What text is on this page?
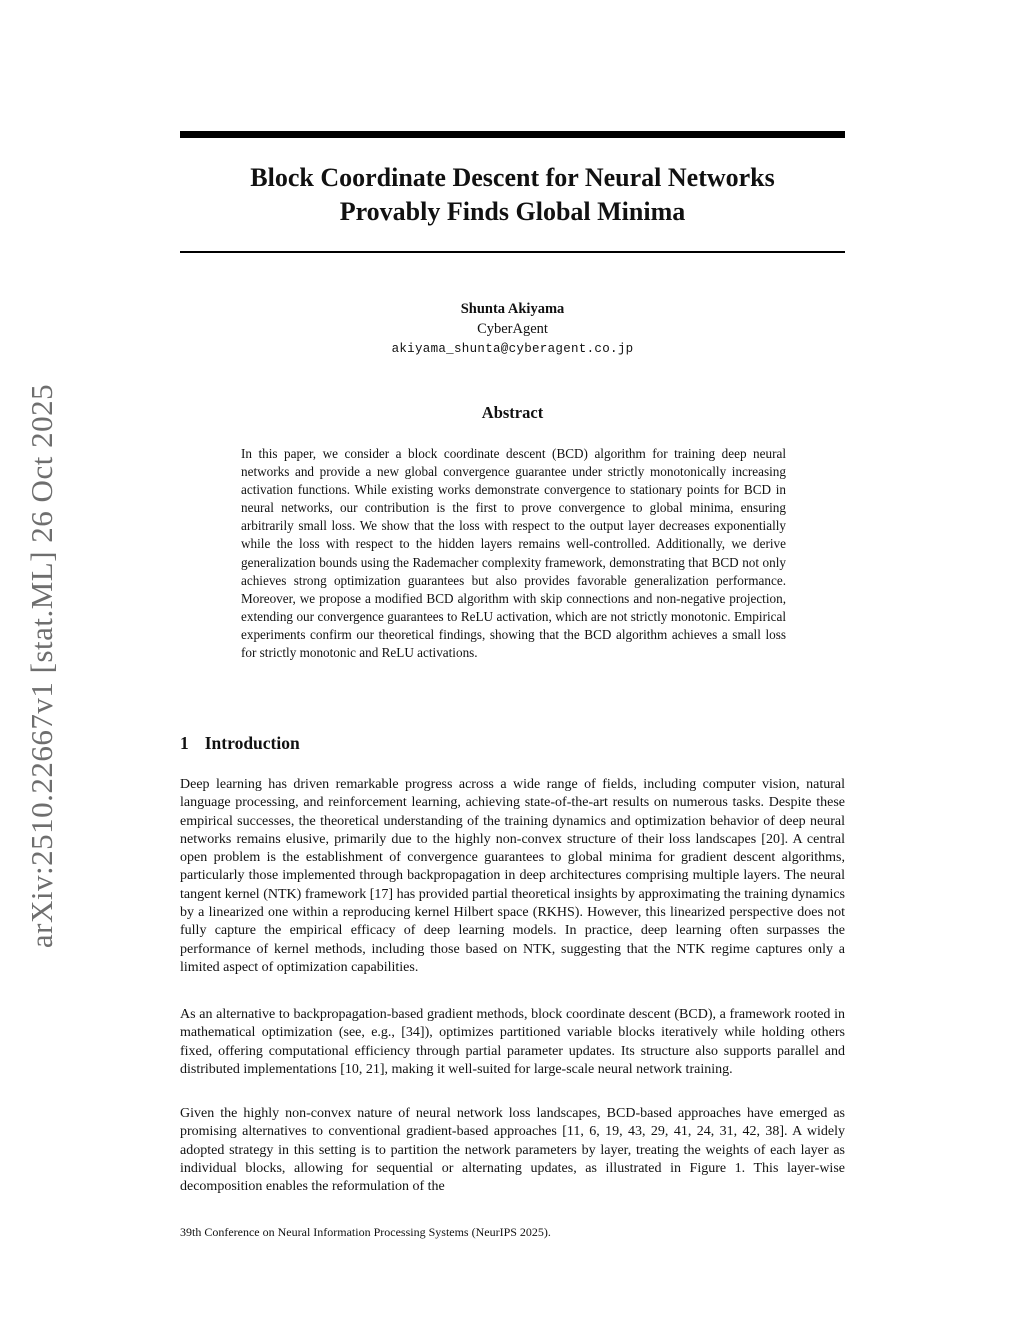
arXiv:2510.22667v1 [stat.ML] 26 Oct 2025
Block Coordinate Descent for Neural Networks
Provably Finds Global Minima
Shunta Akiyama
CyberAgent
akiyama_shunta@cyberagent.co.jp
Abstract
In this paper, we consider a block coordinate descent (BCD) algorithm for training deep neural networks and provide a new global convergence guarantee under strictly monotonically increasing activation functions. While existing works demonstrate convergence to stationary points for BCD in neural networks, our contribution is the first to prove convergence to global minima, ensuring arbitrarily small loss. We show that the loss with respect to the output layer decreases exponentially while the loss with respect to the hidden layers remains well-controlled. Additionally, we derive generalization bounds using the Rademacher complexity framework, demonstrating that BCD not only achieves strong optimization guarantees but also provides favorable generalization performance. Moreover, we propose a modified BCD algorithm with skip connections and non-negative projection, extending our convergence guarantees to ReLU activation, which are not strictly monotonic. Empirical experiments confirm our theoretical findings, showing that the BCD algorithm achieves a small loss for strictly monotonic and ReLU activations.
1 Introduction
Deep learning has driven remarkable progress across a wide range of fields, including computer vision, natural language processing, and reinforcement learning, achieving state-of-the-art results on numerous tasks. Despite these empirical successes, the theoretical understanding of the training dynamics and optimization behavior of deep neural networks remains elusive, primarily due to the highly non-convex structure of their loss landscapes [20]. A central open problem is the establishment of convergence guarantees to global minima for gradient descent algorithms, particularly those implemented through backpropagation in deep architectures comprising multiple layers. The neural tangent kernel (NTK) framework [17] has provided partial theoretical insights by approximating the training dynamics by a linearized one within a reproducing kernel Hilbert space (RKHS). However, this linearized perspective does not fully capture the empirical efficacy of deep learning models. In practice, deep learning often surpasses the performance of kernel methods, including those based on NTK, suggesting that the NTK regime captures only a limited aspect of optimization capabilities.
As an alternative to backpropagation-based gradient methods, block coordinate descent (BCD), a framework rooted in mathematical optimization (see, e.g., [34]), optimizes partitioned variable blocks iteratively while holding others fixed, offering computational efficiency through partial parameter updates. Its structure also supports parallel and distributed implementations [10, 21], making it well-suited for large-scale neural network training.
Given the highly non-convex nature of neural network loss landscapes, BCD-based approaches have emerged as promising alternatives to conventional gradient-based approaches [11, 6, 19, 43, 29, 41, 24, 31, 42, 38]. A widely adopted strategy in this setting is to partition the network parameters by layer, treating the weights of each layer as individual blocks, allowing for sequential or alternating updates, as illustrated in Figure 1. This layer-wise decomposition enables the reformulation of the
39th Conference on Neural Information Processing Systems (NeurIPS 2025).
